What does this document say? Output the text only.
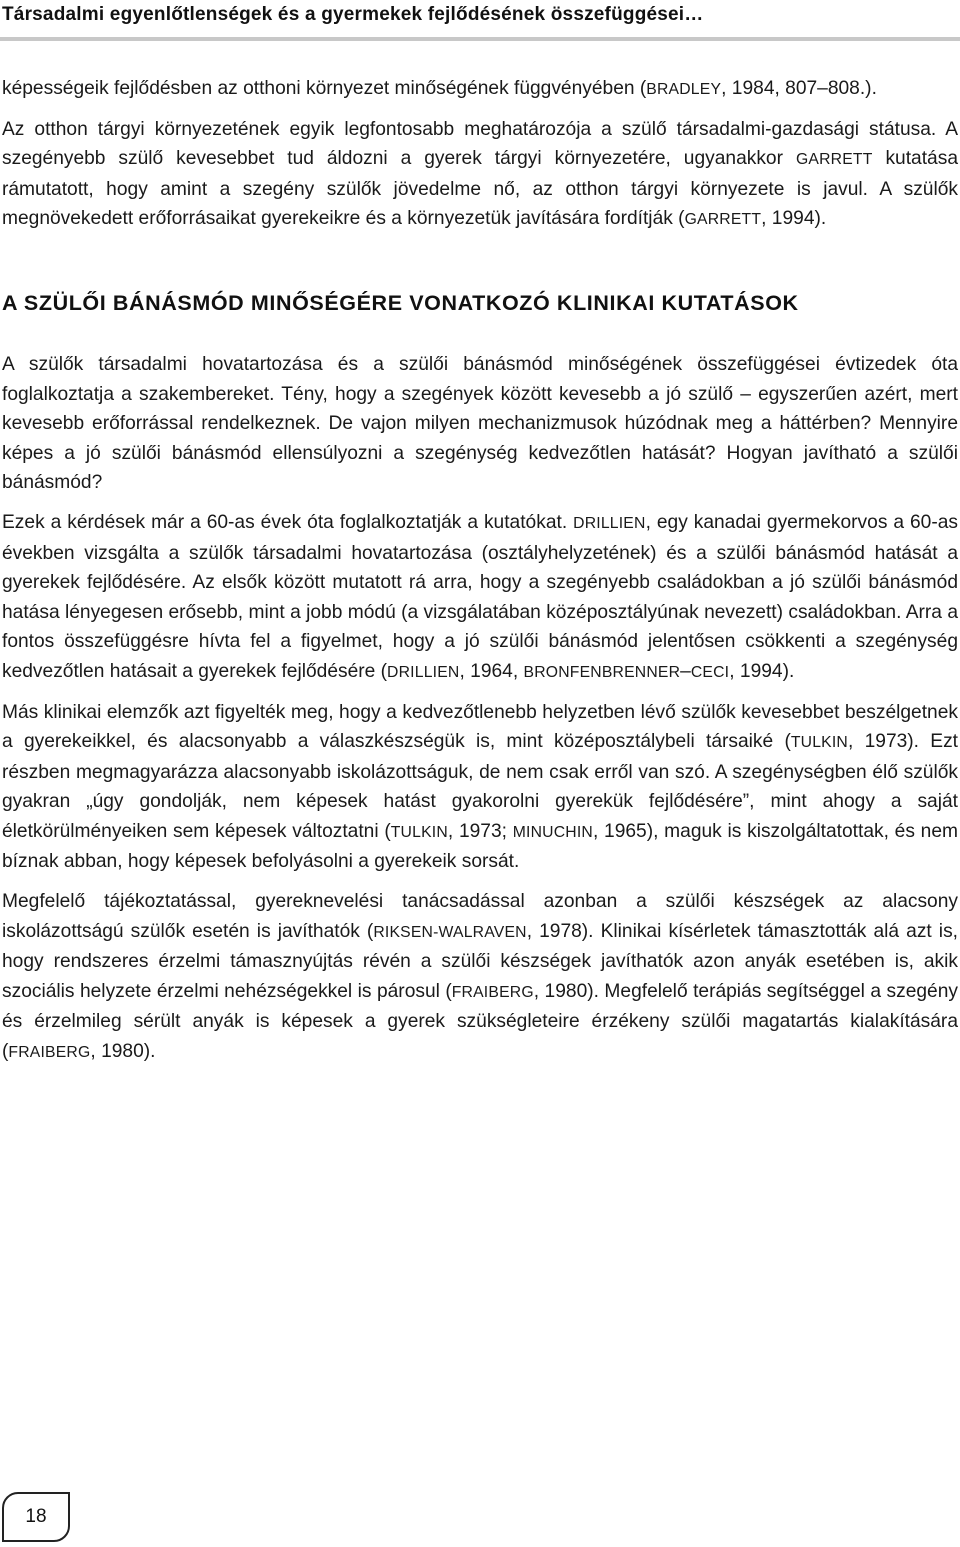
Társadalmi egyenlőtlenségek és a gyermekek fejlődésének összefüggései…

képességeik fejlődésben az otthoni környezet minőségének függvényében (BRADLEY, 1984, 807–808.).

Az otthon tárgyi környezetének egyik legfontosabb meghatározója a szülő társadalmi-gazdasági státusa. A szegényebb szülő kevesebbet tud áldozni a gyerek tárgyi környezetére, ugyanakkor GARRETT kutatása rámutatott, hogy amint a szegény szülők jövedelme nő, az otthon tárgyi környezete is javul. A szülők megnövekedett erőforrásaikat gyerekeikre és a környezetük javítására fordítják (GARRETT, 1994).

A SZÜLŐI BÁNÁSMÓD MINŐSÉGÉRE VONATKOZÓ KLINIKAI KUTATÁSOK

A szülők társadalmi hovatartozása és a szülői bánásmód minőségének összefüggései évtizedek óta foglalkoztatja a szakembereket. Tény, hogy a szegények között kevesebb a jó szülő – egyszerűen azért, mert kevesebb erőforrással rendelkeznek. De vajon milyen mechanizmusok húzódnak meg a háttérben? Mennyire képes a jó szülői bánásmód ellensúlyozni a szegénység kedvezőtlen hatását? Hogyan javítható a szülői bánásmód?

Ezek a kérdések már a 60-as évek óta foglalkoztatják a kutatókat. DRILLIEN, egy kanadai gyermekorvos a 60-as években vizsgálta a szülők társadalmi hovatartozása (osztályhelyzetének) és a szülői bánásmód hatását a gyerekek fejlődésére. Az elsők között mutatott rá arra, hogy a szegényebb családokban a jó szülői bánásmód hatása lényegesen erősebb, mint a jobb módú (a vizsgálatában középosztályúnak nevezett) családokban. Arra a fontos összefüggésre hívta fel a figyelmet, hogy a jó szülői bánásmód jelentősen csökkenti a szegénység kedvezőtlen hatásait a gyerekek fejlődésére (DRILLIEN, 1964, BRONFENBRENNER–CECI, 1994).

Más klinikai elemzők azt figyelték meg, hogy a kedvezőtlenebb helyzetben lévő szülők kevesebbet beszélgetnek a gyerekeikkel, és alacsonyabb a válaszkészségük is, mint középosztálybeli társaiké (TULKIN, 1973). Ezt részben megmagyarázza alacsonyabb iskolázottságuk, de nem csak erről van szó. A szegénységben élő szülők gyakran „úgy gondolják, nem képesek hatást gyakorolni gyerekük fejlődésére”, mint ahogy a saját életkörülményeiken sem képesek változtatni (TULKIN, 1973; MINUCHIN, 1965), maguk is kiszolgáltatottak, és nem bíznak abban, hogy képesek befolyásolni a gyerekeik sorsát.

Megfelelő tájékoztatással, gyereknevelési tanácsadással azonban a szülői készségek az alacsony iskolázottságú szülők esetén is javíthatók (RIKSEN-WALRAVEN, 1978). Klinikai kísérletek támasztották alá azt is, hogy rendszeres érzelmi támasznyújtás révén a szülői készségek javíthatók azon anyák esetében is, akik szociális helyzete érzelmi nehézségekkel is párosul (FRAIBERG, 1980). Megfelelő terápiás segítséggel a szegény és érzelmileg sérült anyák is képesek a gyerek szükségleteire érzékeny szülői magatartás kialakítására (FRAIBERG, 1980).

18
